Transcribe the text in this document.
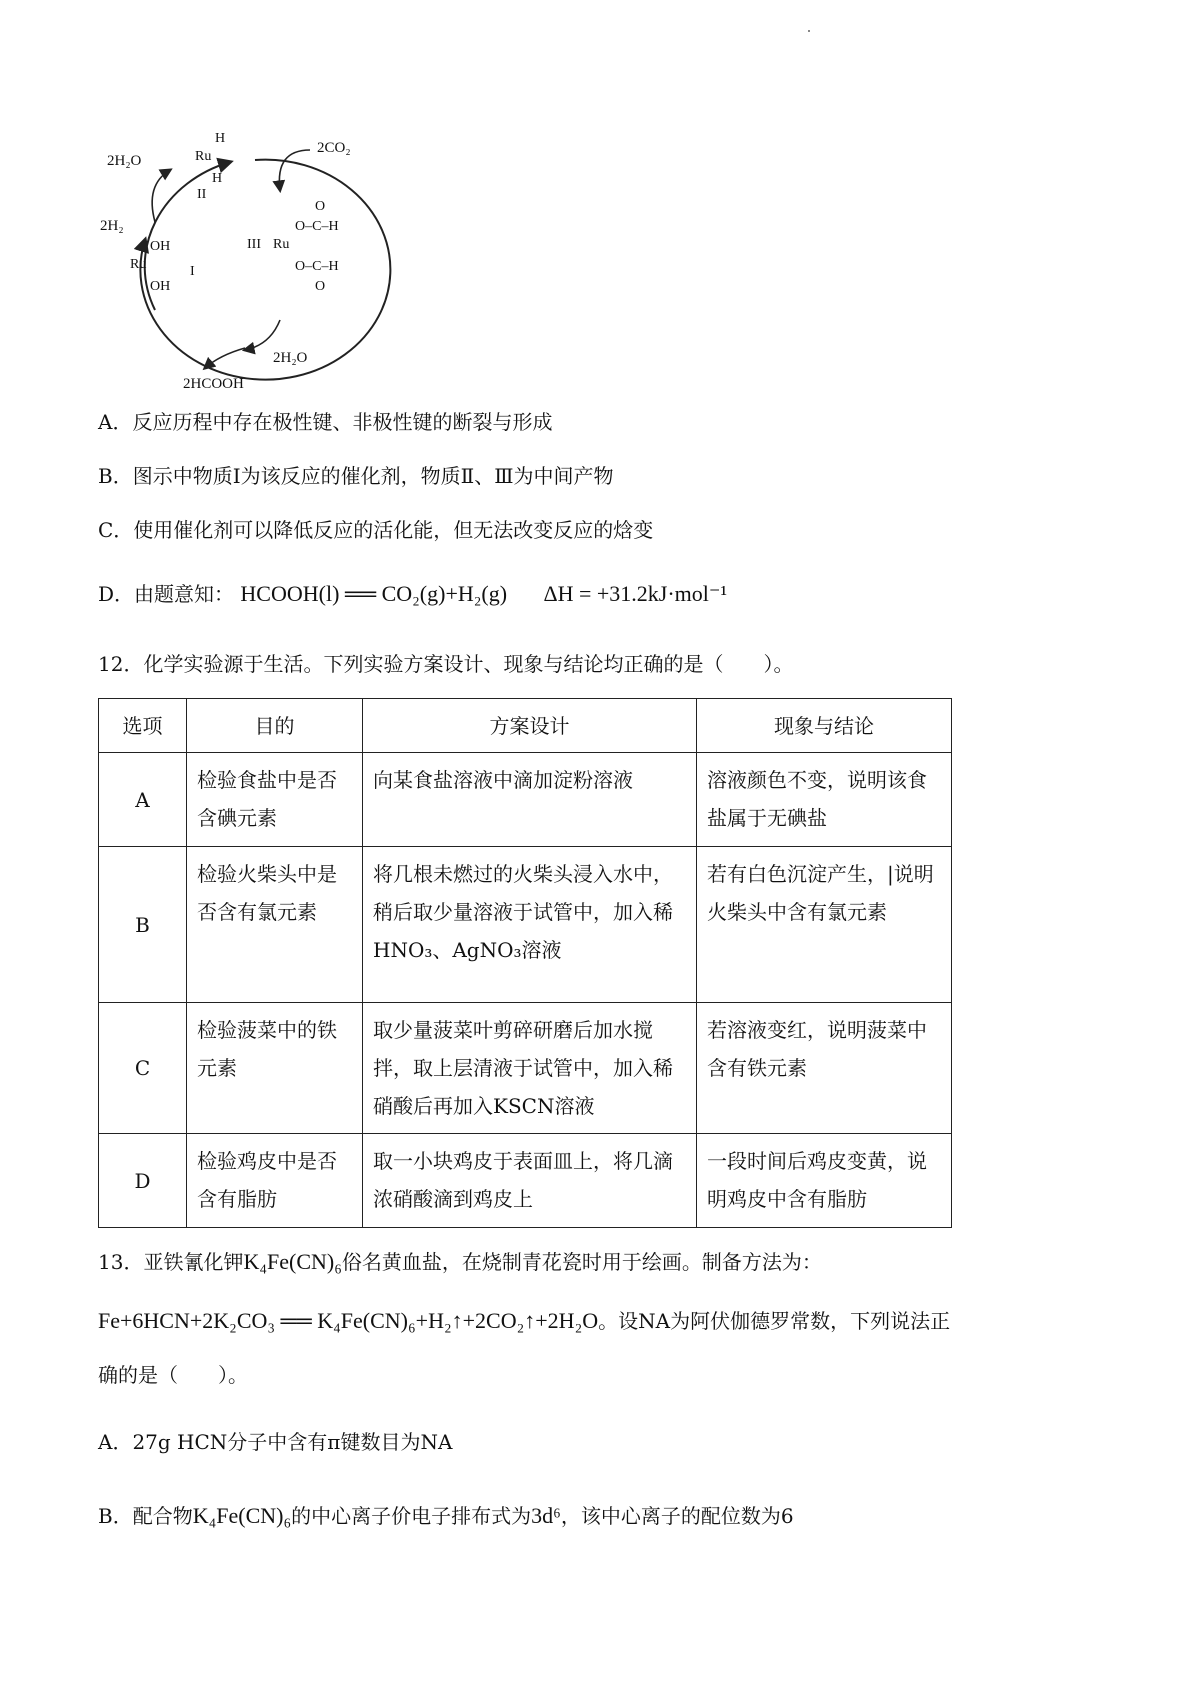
2H₂O
2H₂
2CO₂
2HCOOH
2H₂O
H
Ru
H
II
O
O–C–H
III Ru
O–C–H
O
OH
Ru	I
OH
A．反应历程中存在极性键、非极性键的断裂与形成
B．图示中物质Ⅰ为该反应的催化剂，物质Ⅱ、Ⅲ为中间产物
C．使用催化剂可以降低反应的活化能，但无法改变反应的焓变
D．由题意知： HCOOH(l) ══ CO₂(g)+H₂(g) ΔH = +31.2kJ·mol⁻¹
12．化学实验源于生活。下列实验方案设计、现象与结论均正确的是（　　）。
选项	目的	方案设计	现象与结论
A	检验食盐中是否含碘元素	向某食盐溶液中滴加淀粉溶液	溶液颜色不变，说明该食盐属于无碘盐
B	检验火柴头中是否含有氯元素	将几根未燃过的火柴头浸入水中，稍后取少量溶液于试管中，加入稀HNO₃、AgNO₃溶液	若有白色沉淀产生，|说明火柴头中含有氯元素
C	检验菠菜中的铁元素	取少量菠菜叶剪碎研磨后加水搅拌，取上层清液于试管中，加入稀硝酸后再加入KSCN溶液	若溶液变红，说明菠菜中含有铁元素
D	检验鸡皮中是否含有脂肪	取一小块鸡皮于表面皿上，将几滴浓硝酸滴到鸡皮上	一段时间后鸡皮变黄，说明鸡皮中含有脂肪
13．亚铁氰化钾K₄Fe(CN)₆俗名黄血盐，在烧制青花瓷时用于绘画。制备方法为：
Fe+6HCN+2K₂CO₃ ══ K₄Fe(CN)₆+H₂↑+2CO₂↑+2H₂O。设NA为阿伏伽德罗常数，下列说法正
确的是（　　）。
A．27g HCN分子中含有π键数目为NA
B．配合物K₄Fe(CN)₆的中心离子价电子排布式为3d⁶，该中心离子的配位数为6
